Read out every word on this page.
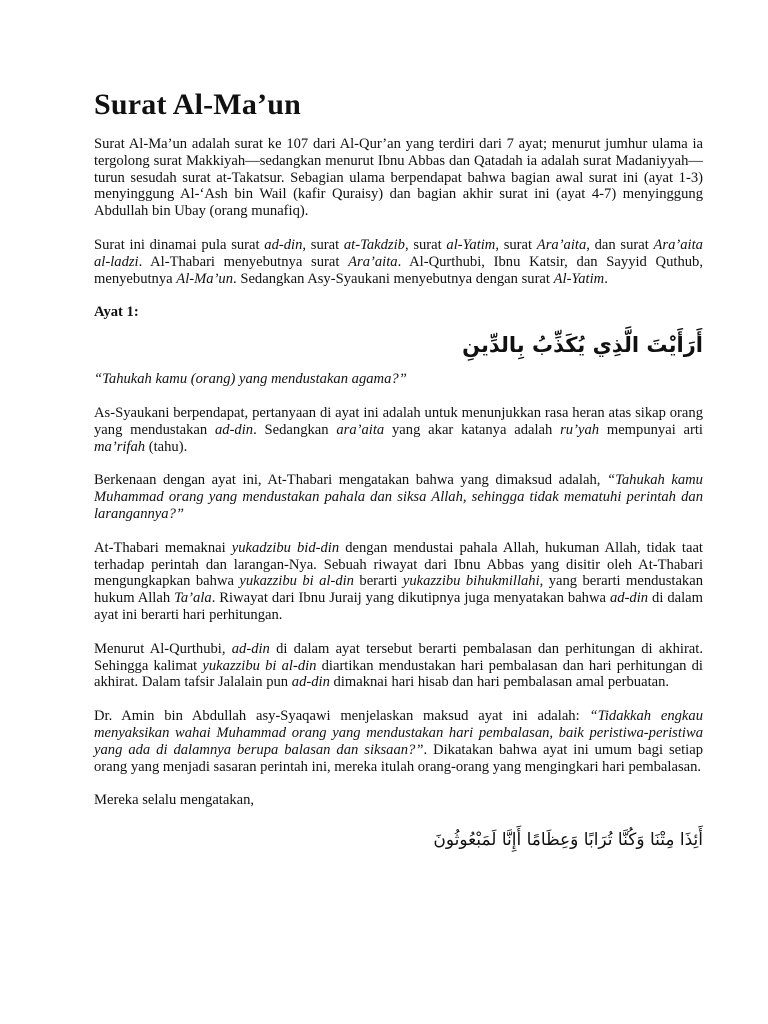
Surat Al-Ma’un

Surat Al-Ma’un adalah surat ke 107 dari Al-Qur’an yang terdiri dari 7 ayat; menurut jumhur ulama ia tergolong surat Makkiyah—sedangkan menurut Ibnu Abbas dan Qatadah ia adalah surat Madaniyyah—turun sesudah surat at-Takatsur. Sebagian ulama berpendapat bahwa bagian awal surat ini (ayat 1-3) menyinggung Al-‘Ash bin Wail (kafir Quraisy) dan bagian akhir surat ini (ayat 4-7) menyinggung Abdullah bin Ubay (orang munafiq).

Surat ini dinamai pula surat ad-din, surat at-Takdzib, surat al-Yatim, surat Ara’aita, dan surat Ara’aita al-ladzi. Al-Thabari menyebutnya surat Ara’aita. Al-Qurthubi, Ibnu Katsir, dan Sayyid Quthub, menyebutnya Al-Ma’un. Sedangkan Asy-Syaukani menyebutnya dengan surat Al-Yatim.

Ayat 1:

أَرَأَيْتَ الَّذِي يُكَذِّبُ بِالدِّينِ

“Tahukah kamu (orang) yang mendustakan agama?”

As-Syaukani berpendapat, pertanyaan di ayat ini adalah untuk menunjukkan rasa heran atas sikap orang yang mendustakan ad-din. Sedangkan ara’aita yang akar katanya adalah ru’yah mempunyai arti ma’rifah (tahu).

Berkenaan dengan ayat ini, At-Thabari mengatakan bahwa yang dimaksud adalah, “Tahukah kamu Muhammad orang yang mendustakan pahala dan siksa Allah, sehingga tidak mematuhi perintah dan larangannya?”

At-Thabari memaknai yukadzibu bid-din dengan mendustai pahala Allah, hukuman Allah, tidak taat terhadap perintah dan larangan-Nya. Sebuah riwayat dari Ibnu Abbas yang disitir oleh At-Thabari mengungkapkan bahwa yukazzibu bi al-din berarti yukazzibu bihukmillahi, yang berarti mendustakan hukum Allah Ta’ala. Riwayat dari Ibnu Juraij yang dikutipnya juga menyatakan bahwa ad-din di dalam ayat ini berarti hari perhitungan.

Menurut Al-Qurthubi, ad-din di dalam ayat tersebut berarti pembalasan dan perhitungan di akhirat. Sehingga kalimat yukazzibu bi al-din diartikan mendustakan hari pembalasan dan hari perhitungan di akhirat. Dalam tafsir Jalalain pun ad-din dimaknai hari hisab dan hari pembalasan amal perbuatan.

Dr. Amin bin Abdullah asy-Syaqawi menjelaskan maksud ayat ini adalah: “Tidakkah engkau menyaksikan wahai Muhammad orang yang mendustakan hari pembalasan, baik peristiwa-peristiwa yang ada di dalamnya berupa balasan dan siksaan?”. Dikatakan bahwa ayat ini umum bagi setiap orang yang menjadi sasaran perintah ini, mereka itulah orang-orang yang mengingkari hari pembalasan.

Mereka selalu mengatakan,

أَئِذَا مِتْنَا وَكُنَّا تُرَابًا وَعِظَامًا أَإِنَّا لَمَبْعُوثُونَ
